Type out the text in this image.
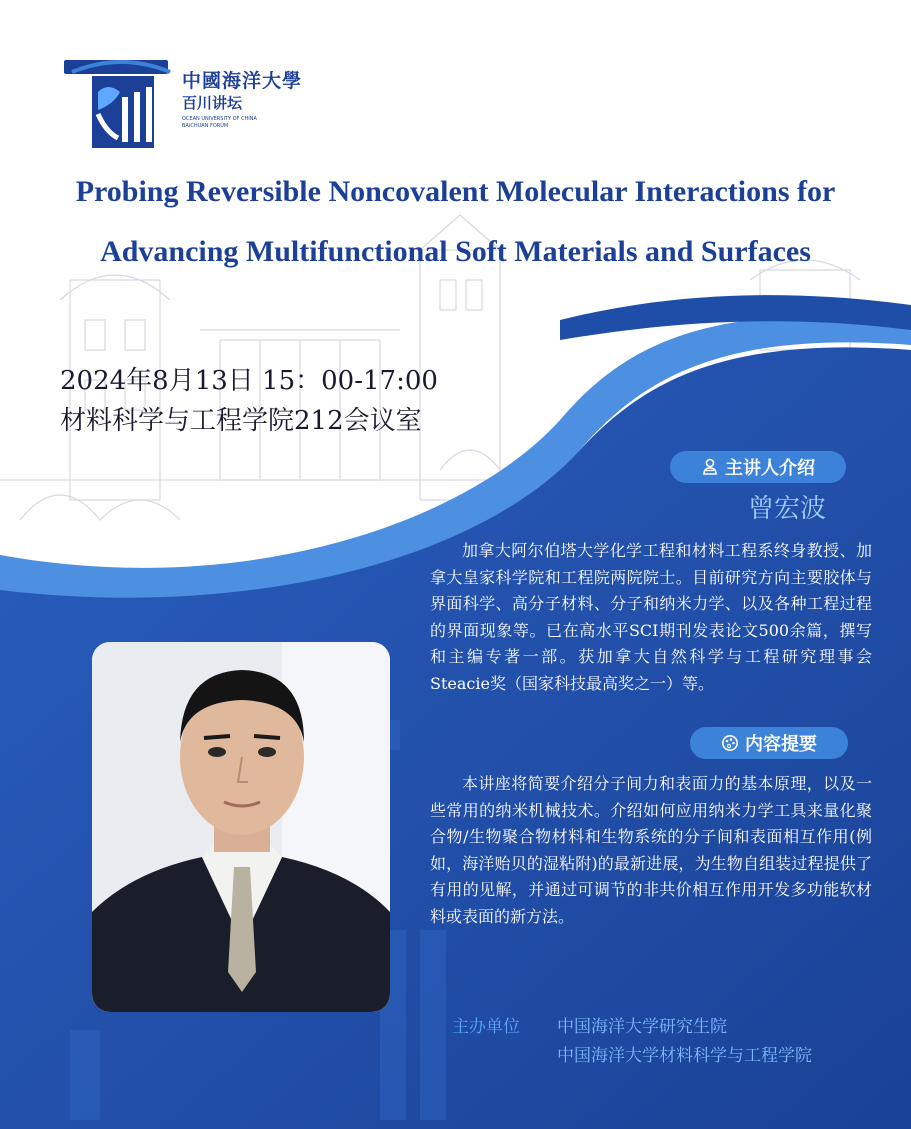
中國海洋大學
百川讲坛
OCEAN UNIVERSITY OF CHINA
BAICHUAN FORUM
Probing Reversible Noncovalent Molecular Interactions for
Advancing Multifunctional Soft Materials and Surfaces
2024年8月13日 15：00-17:00
材料科学与工程学院212会议室
主讲人介绍
曾宏波
加拿大阿尔伯塔大学化学工程和材料工程系终身教授、加拿大皇家科学院和工程院两院院士。目前研究方向主要胶体与界面科学、高分子材料、分子和纳米力学、以及各种工程过程的界面现象等。已在高水平SCI期刊发表论文500余篇，撰写和主编专著一部。获加拿大自然科学与工程研究理事会Steacie奖（国家科技最高奖之一）等。
内容提要
本讲座将简要介绍分子间力和表面力的基本原理，以及一些常用的纳米机械技术。介绍如何应用纳米力学工具来量化聚合物/生物聚合物材料和生物系统的分子间和表面相互作用(例如，海洋贻贝的湿粘附)的最新进展，为生物自组装过程提供了有用的见解，并通过可调节的非共价相互作用开发多功能软材料或表面的新方法。
主办单位 中国海洋大学研究生院
中国海洋大学材料科学与工程学院
